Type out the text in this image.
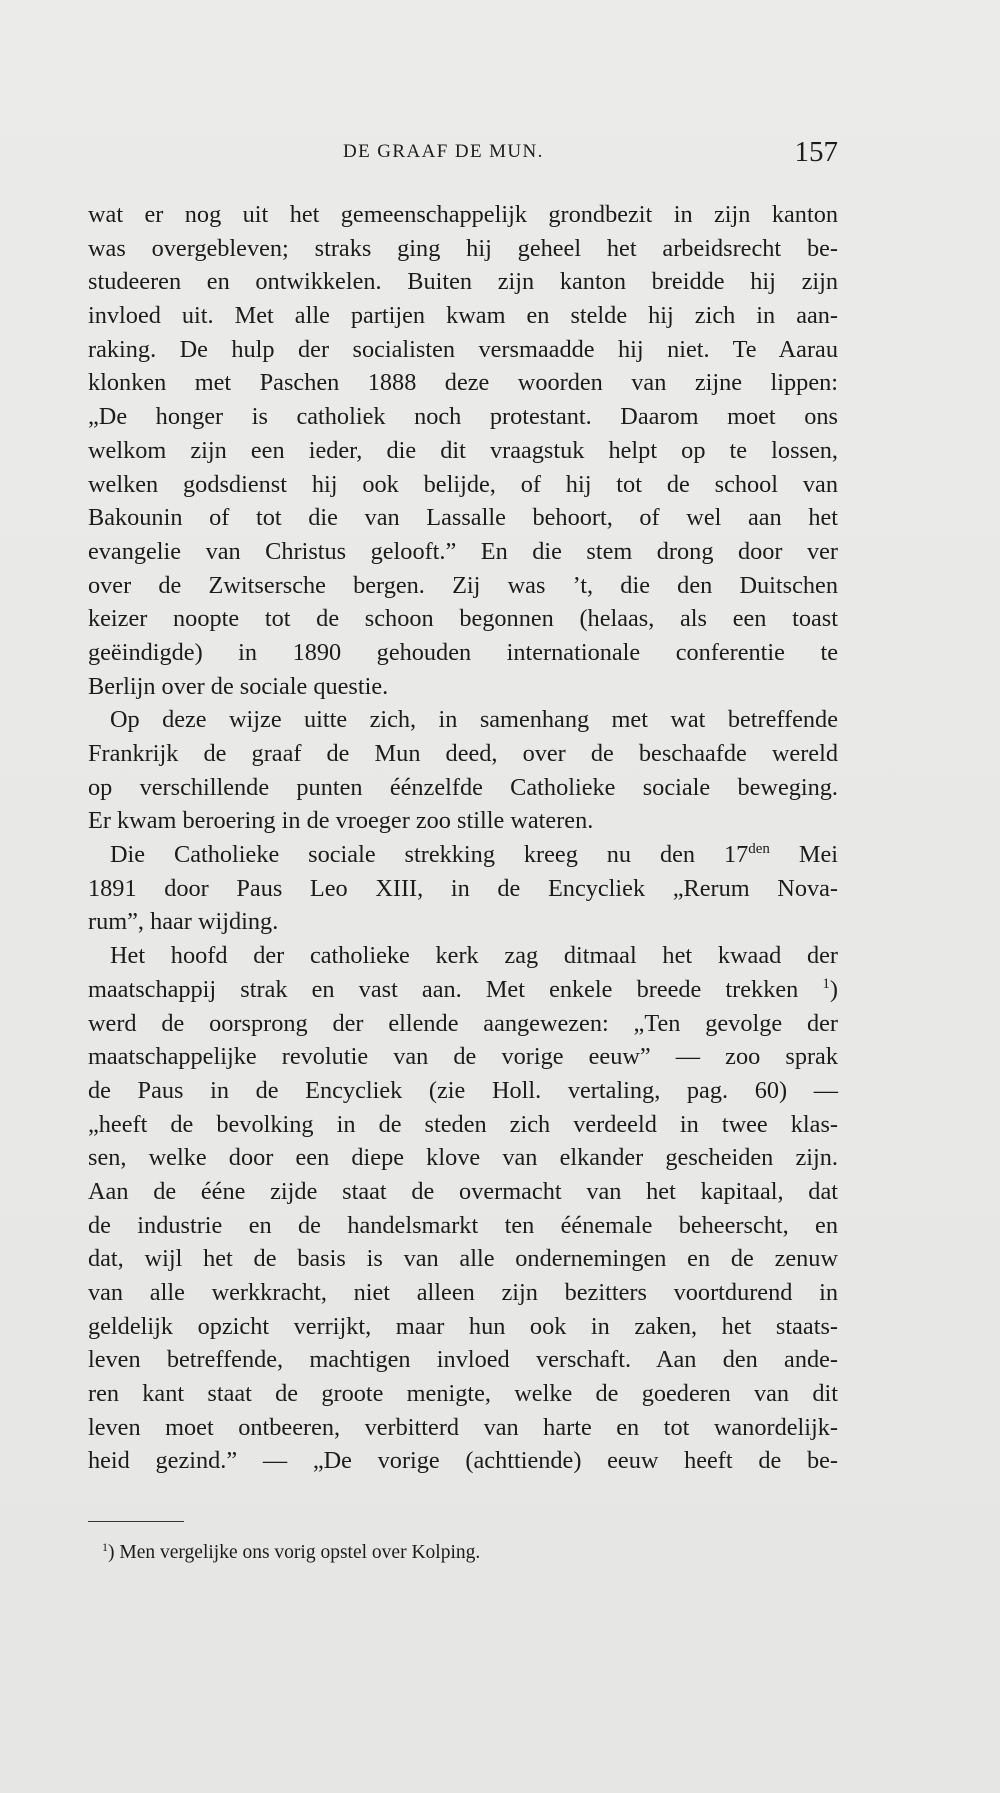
DE GRAAF DE MUN.	157
wat er nog uit het gemeenschappelijk grondbezit in zijn kanton
was overgebleven; straks ging hij geheel het arbeidsrecht be-
studeeren en ontwikkelen. Buiten zijn kanton breidde hij zijn
invloed uit. Met alle partijen kwam en stelde hij zich in aan-
raking. De hulp der socialisten versmaadde hij niet. Te Aarau
klonken met Paschen 1888 deze woorden van zijne lippen:
„De honger is catholiek noch protestant. Daarom moet ons
welkom zijn een ieder, die dit vraagstuk helpt op te lossen,
welken godsdienst hij ook belijde, of hij tot de school van
Bakounin of tot die van Lassalle behoort, of wel aan het
evangelie van Christus gelooft.” En die stem drong door ver
over de Zwitsersche bergen. Zij was ’t, die den Duitschen
keizer noopte tot de schoon begonnen (helaas, als een toast
geëindigde) in 1890 gehouden internationale conferentie te
Berlijn over de sociale questie.
Op deze wijze uitte zich, in samenhang met wat betreffende
Frankrijk de graaf de Mun deed, over de beschaafde wereld
op verschillende punten éénzelfde Catholieke sociale beweging.
Er kwam beroering in de vroeger zoo stille wateren.
Die Catholieke sociale strekking kreeg nu den $17^{den}$ Mei
1891 door Paus Leo XIII, in de Encycliek „Rerum Nova-
rum”, haar wijding.
Het hoofd der catholieke kerk zag ditmaal het kwaad der
maatschappij strak en vast aan. Met enkele breede trekken $^1$)
werd de oorsprong der ellende aangewezen: „Ten gevolge der
maatschappelijke revolutie van de vorige eeuw” — zoo sprak
de Paus in de Encycliek (zie Holl. vertaling, pag. 60) —
„heeft de bevolking in de steden zich verdeeld in twee klas-
sen, welke door een diepe klove van elkander gescheiden zijn.
Aan de ééne zijde staat de overmacht van het kapitaal, dat
de industrie en de handelsmarkt ten éénemale beheerscht, en
dat, wijl het de basis is van alle ondernemingen en de zenuw
van alle werkkracht, niet alleen zijn bezitters voortdurend in
geldelijk opzicht verrijkt, maar hun ook in zaken, het staats-
leven betreffende, machtigen invloed verschaft. Aan den ande-
ren kant staat de groote menigte, welke de goederen van dit
leven moet ontbeeren, verbitterd van harte en tot wanordelijk-
heid gezind.” — „De vorige (achttiende) eeuw heeft de be-
$^1$) Men vergelijke ons vorig opstel over Kolping.
